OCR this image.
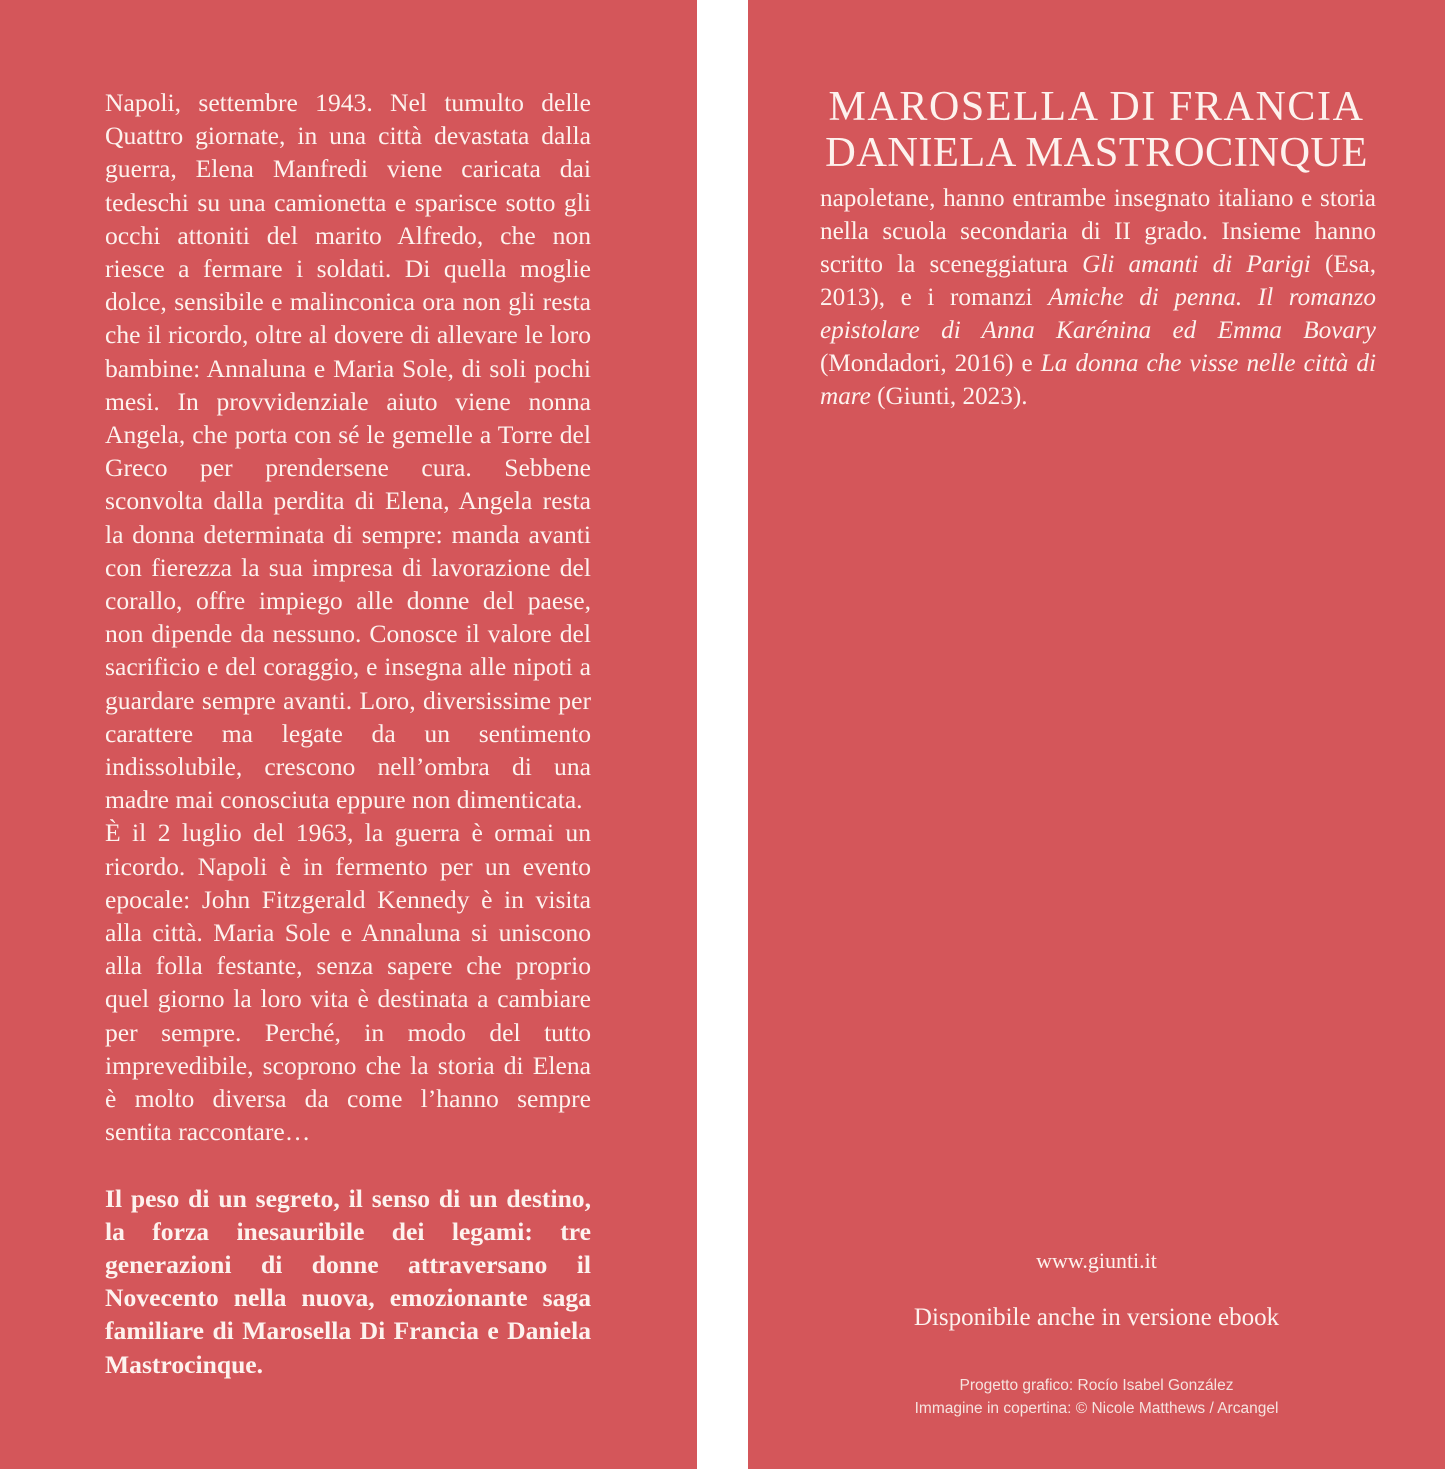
Napoli, settembre 1943. Nel tumulto delle Quattro giornate, in una città devastata dalla guerra, Elena Manfredi viene caricata dai tedeschi su una camionetta e sparisce sotto gli occhi attoniti del marito Alfredo, che non riesce a fermare i soldati. Di quella moglie dolce, sensibile e malinconica ora non gli resta che il ricordo, oltre al dovere di allevare le loro bambine: Annaluna e Maria Sole, di soli pochi mesi. In provvidenziale aiuto viene nonna Angela, che porta con sé le gemelle a Torre del Greco per prendersene cura. Sebbene sconvolta dalla perdita di Elena, Angela resta la donna determinata di sempre: manda avanti con fierezza la sua impresa di lavorazione del corallo, offre impiego alle donne del paese, non dipende da nessuno. Conosce il valore del sacrificio e del coraggio, e insegna alle nipoti a guardare sempre avanti. Loro, diversissime per carattere ma legate da un sentimento indissolubile, crescono nell’ombra di una madre mai conosciuta eppure non dimenticata.

È il 2 luglio del 1963, la guerra è ormai un ricordo. Napoli è in fermento per un evento epocale: John Fitzgerald Kennedy è in visita alla città. Maria Sole e Annaluna si uniscono alla folla festante, senza sapere che proprio quel giorno la loro vita è destinata a cambiare per sempre. Perché, in modo del tutto imprevedibile, scoprono che la storia di Elena è molto diversa da come l’hanno sempre sentita raccontare…

Il peso di un segreto, il senso di un destino, la forza inesauribile dei legami: tre generazioni di donne attraversano il Novecento nella nuova, emozionante saga familiare di Marosella Di Francia e Daniela Mastrocinque.

MAROSELLA DI FRANCIA
DANIELA MASTROCINQUE

napoletane, hanno entrambe insegnato italiano e storia nella scuola secondaria di II grado. Insieme hanno scritto la sceneggiatura Gli amanti di Parigi (Esa, 2013), e i romanzi Amiche di penna. Il romanzo epistolare di Anna Karénina ed Emma Bovary (Mondadori, 2016) e La donna che visse nelle città di mare (Giunti, 2023).

www.giunti.it
Disponibile anche in versione ebook
Progetto grafico: Rocío Isabel González
Immagine in copertina: © Nicole Matthews / Arcangel
